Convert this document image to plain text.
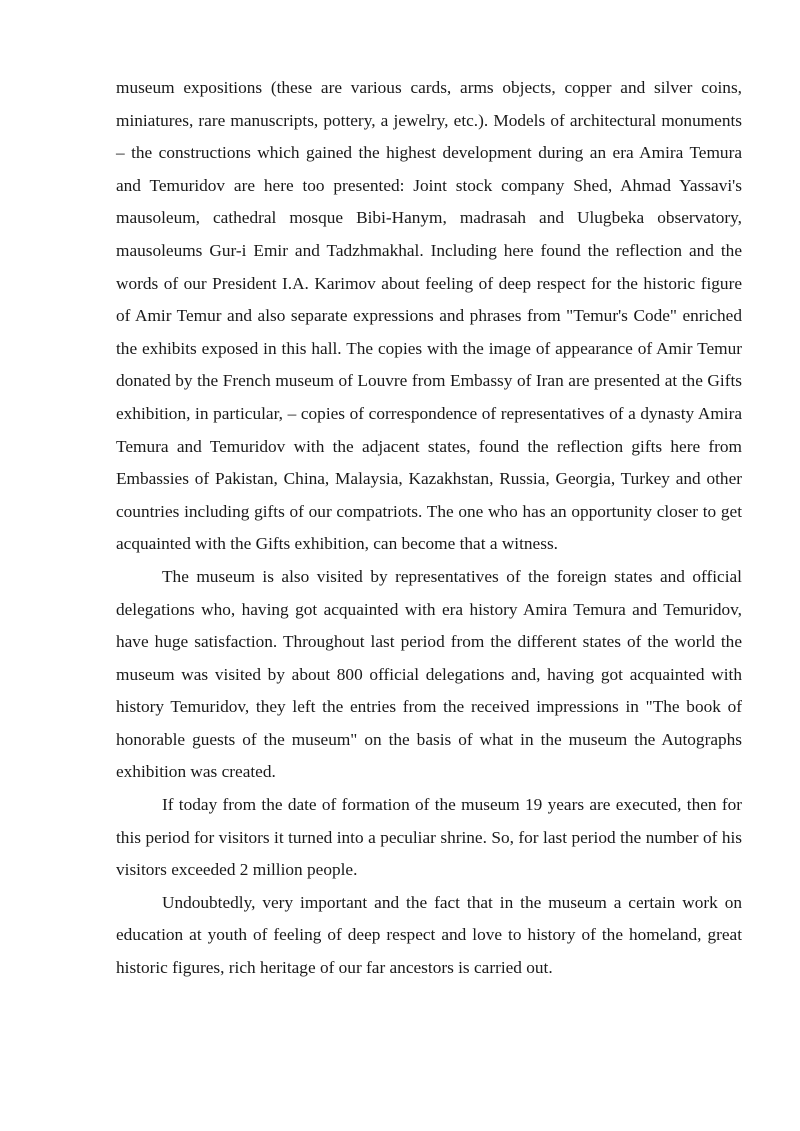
museum expositions (these are various cards, arms objects, copper and silver coins, miniatures, rare manuscripts, pottery, a jewelry, etc.). Models of architectural monuments – the constructions which gained the highest development during an era Amira Temura and Temuridov are here too presented: Joint stock company Shed, Ahmad Yassavi's mausoleum, cathedral mosque Bibi-Hanym, madrasah and Ulugbeka observatory, mausoleums Gur-i Emir and Tadzhmakhal. Including here found the reflection and the words of our President I.A. Karimov about feeling of deep respect for the historic figure of Amir Temur and also separate expressions and phrases from "Temur's Code" enriched the exhibits exposed in this hall. The copies with the image of appearance of Amir Temur donated by the French museum of Louvre from Embassy of Iran are presented at the Gifts exhibition, in particular, – copies of correspondence of representatives of a dynasty Amira Temura and Temuridov with the adjacent states, found the reflection gifts here from Embassies of Pakistan, China, Malaysia, Kazakhstan, Russia, Georgia, Turkey and other countries including gifts of our compatriots. The one who has an opportunity closer to get acquainted with the Gifts exhibition, can become that a witness.

The museum is also visited by representatives of the foreign states and official delegations who, having got acquainted with era history Amira Temura and Temuridov, have huge satisfaction. Throughout last period from the different states of the world the museum was visited by about 800 official delegations and, having got acquainted with history Temuridov, they left the entries from the received impressions in "The book of honorable guests of the museum" on the basis of what in the museum the Autographs exhibition was created.

If today from the date of formation of the museum 19 years are executed, then for this period for visitors it turned into a peculiar shrine. So, for last period the number of his visitors exceeded 2 million people.

Undoubtedly, very important and the fact that in the museum a certain work on education at youth of feeling of deep respect and love to history of the homeland, great historic figures, rich heritage of our far ancestors is carried out.
